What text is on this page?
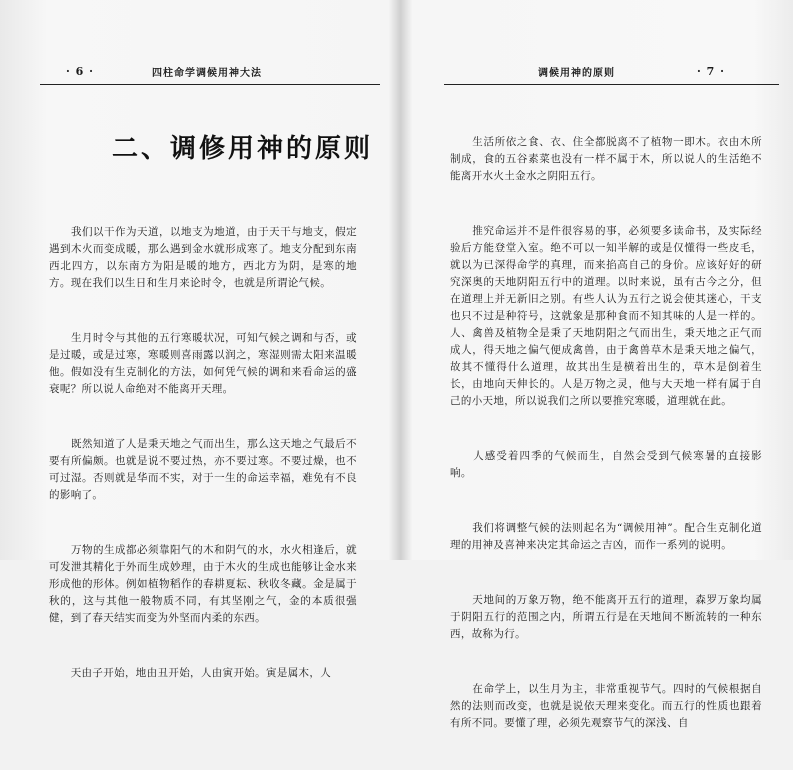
· 6 ·	四柱命学调候用神大法
二、调修用神的原则

　　我们以干作为天道，以地支为地道，由于天干与地支，假定遇到木火而变成暖，那么遇到金水就形成寒了。地支分配到东南西北四方，以东南方为阳是暖的地方，西北方为阴，是寒的地方。现在我们以生日和生月来论时令，也就是所谓论气候。

　　生月时令与其他的五行寒暖状况，可知气候之调和与否，或是过暖，或是过寒，寒暖则喜雨露以润之，寒湿则需太阳来温暖他。假如没有生克制化的方法，如何凭气候的调和来看命运的盛衰呢？所以说人命绝对不能离开天理。

　　既然知道了人是秉天地之气而出生，那么这天地之气最后不要有所偏颇。也就是说不要过热，亦不要过寒。不要过燥，也不可过湿。否则就是华而不实，对于一生的命运幸福，难免有不良的影响了。

　　万物的生成都必须靠阳气的木和阴气的水，水火相逢后，就可发泄其精化于外而生成妙理，由于木火的生成也能够让金水来形成他的形体。例如植物稻作的春耕夏耘、秋收冬藏。金是属于秋的，这与其他一般物质不同，有其坚刚之气，金的本质很强健，到了春天结实而变为外坚而内柔的东西。

　　天由子开始，地由丑开始，人由寅开始。寅是属木，人

调候用神的原则	· 7 ·

　　生活所依之食、衣、住全都脱离不了植物一即木。衣由木所制成，食的五谷素菜也没有一样不属于木，所以说人的生活绝不能离开水火土金水之阴阳五行。

　　推究命运并不是件很容易的事，必须要多读命书，及实际经验后方能登堂入室。绝不可以一知半解的或是仅懂得一些皮毛，就以为已深得命学的真理，而来掐高自己的身价。应该好好的研究深奥的天地阴阳五行中的道理。以时来说，虽有古今之分，但在道理上并无新旧之别。有些人认为五行之说会使其迷心，干支也只不过是种符号，这就象是那种食而不知其味的人是一样的。人、禽兽及植物全是秉了天地阴阳之气而出生，秉天地之正气而成人，得天地之偏气便成禽兽，由于禽兽草木是秉天地之偏气，故其不懂得什么道理，故其出生是横着出生的，草木是倒着生长，由地向天伸长的。人是万物之灵，他与大天地一样有属于自己的小天地，所以说我们之所以要推究寒暖，道理就在此。

　　人感受着四季的气候而生，自然会受到气候寒暑的直接影响。

　　我们将调整气候的法则起名为“调候用神”。配合生克制化道理的用神及喜神来决定其命运之吉凶，而作一系列的说明。

　　天地间的万象万物，绝不能离开五行的道理，森罗万象均属于阴阳五行的范围之内，所谓五行是在天地间不断流转的一种东西，故称为行。

　　在命学上，以生月为主，非常重视节气。四时的气候根据自然的法则而改变，也就是说依天理来变化。而五行的性质也跟着有所不同。要懂了理，必须先观察节气的深浅、自
